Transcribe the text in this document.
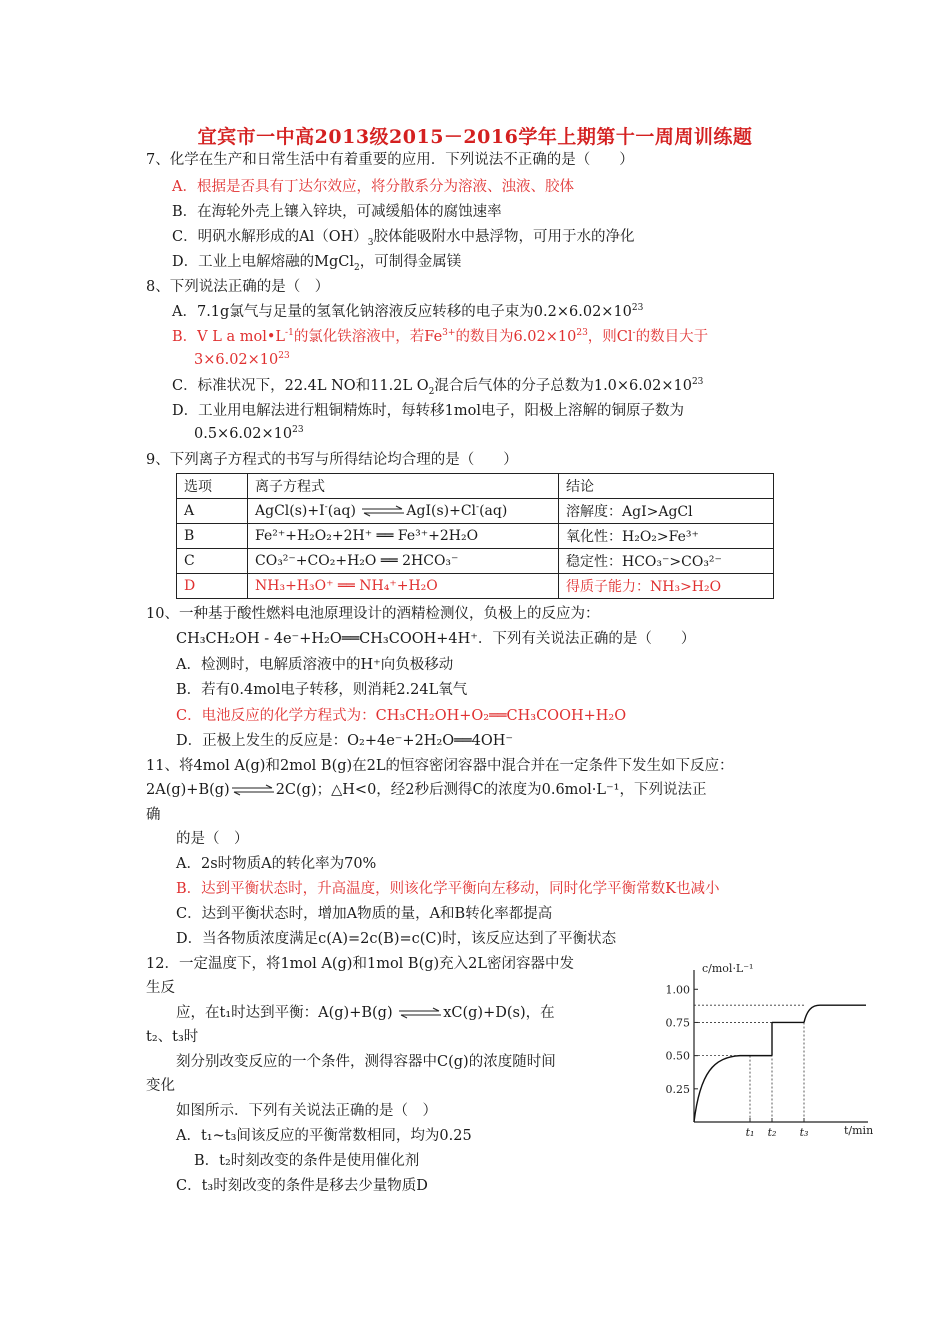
宜宾市一中高2013级2015－2016学年上期第十一周周训练题
7、化学在生产和日常生活中有着重要的应用．下列说法不正确的是（　　）
A．根据是否具有丁达尔效应，将分散系分为溶液、浊液、胶体
B．在海轮外壳上镶入锌块，可减缓船体的腐蚀速率
C．明矾水解形成的$Al(OH)_3$胶体能吸附水中悬浮物，可用于水的净化
D．工业上电解熔融的MgCl$_2$，可制得金属镁
8、下列说法正确的是（　）
A．7.1g氯气与足量的氢氧化钠溶液反应转移的电子束为$0.2\times 6.02\times 10^{23}$
B．V L a $mol•L^{-1}$的氯化铁溶液中，若$Fe^{3+}$的数目为$6.02\times 10^{23}$，则Cl-的数目大于
$3\times 6.02\times 10^{23}$
C．标准状况下，22.4L NO和11.2L $O_2$混合后气体的分子总数为$1.0\times 6.02\times 10^{23}$
D．工业用电解法进行粗铜精炼时，每转移1mol电子，阳极上溶解的铜原子数为
$0.5\times 6.02\times 10^{23}$
9、下列离子方程式的书写与所得结论均合理的是（　　）
选项	离子方程式	结论
A	AgCl(s)+I-(aq) ⇌AgI(s)+Cl-(aq)	溶解度：AgI>AgCl
B	Fe²⁺+H₂O₂+2H⁺ ══ Fe³⁺+2H₂O	氧化性：H₂O₂>Fe³⁺
C	CO₃²⁻+CO₂+H₂O ══ 2HCO₃⁻	稳定性：HCO₃⁻>CO₃²⁻
D	NH₃+H₃O⁺ ══ NH₄⁺+H₂O	得质子能力：NH₃>H₂O
10、一种基于酸性燃料电池原理设计的酒精检测仪，负极上的反应为：
CH₃CH₂OH - 4e⁻+H₂O══CH₃COOH+4H⁺．下列有关说法正确的是（　　）
A．检测时，电解质溶液中的H⁺向负极移动
B．若有0.4mol电子转移，则消耗2.24L氧气
C．电池反应的化学方程式为：CH₃CH₂OH+O₂══CH₃COOH+H₂O
D．正极上发生的反应是：O₂+4e⁻+2H₂O══4OH⁻
11、将4mol A(g)和2mol B(g)在2L的恒容密闭容器中混合并在一定条件下发生如下反应：
2A(g)+B(g)⇌2C(g)；△H<0，经2秒后测得C的浓度为0.6mol·L⁻¹，下列说法正
确
的是（　）
A．2s时物质A的转化率为70%
B．达到平衡状态时，升高温度，则该化学平衡向左移动，同时化学平衡常数K也减小
C．达到平衡状态时，增加A物质的量，A和B转化率都提高
D．当各物质浓度满足c(A)=2c(B)=c(C)时，该反应达到了平衡状态
12．一定温度下，将1mol A(g)和1mol B(g)充入2L密闭容器中发
生反
应，在t₁时达到平衡：A(g)+B(g) ⇌xC(g)+D(s)，在
t₂、t₃时
刻分别改变反应的一个条件，测得容器中C(g)的浓度随时间
变化
如图所示．下列有关说法正确的是（　）
A．t₁~t₃间该反应的平衡常数相同，均为0.25
B．t₂时刻改变的条件是使用催化剂
C．t₃时刻改变的条件是移去少量物质D
c/mol·L⁻¹
t/min
0.25
0.50
0.75
1.00
t₁ t₂ t₃
